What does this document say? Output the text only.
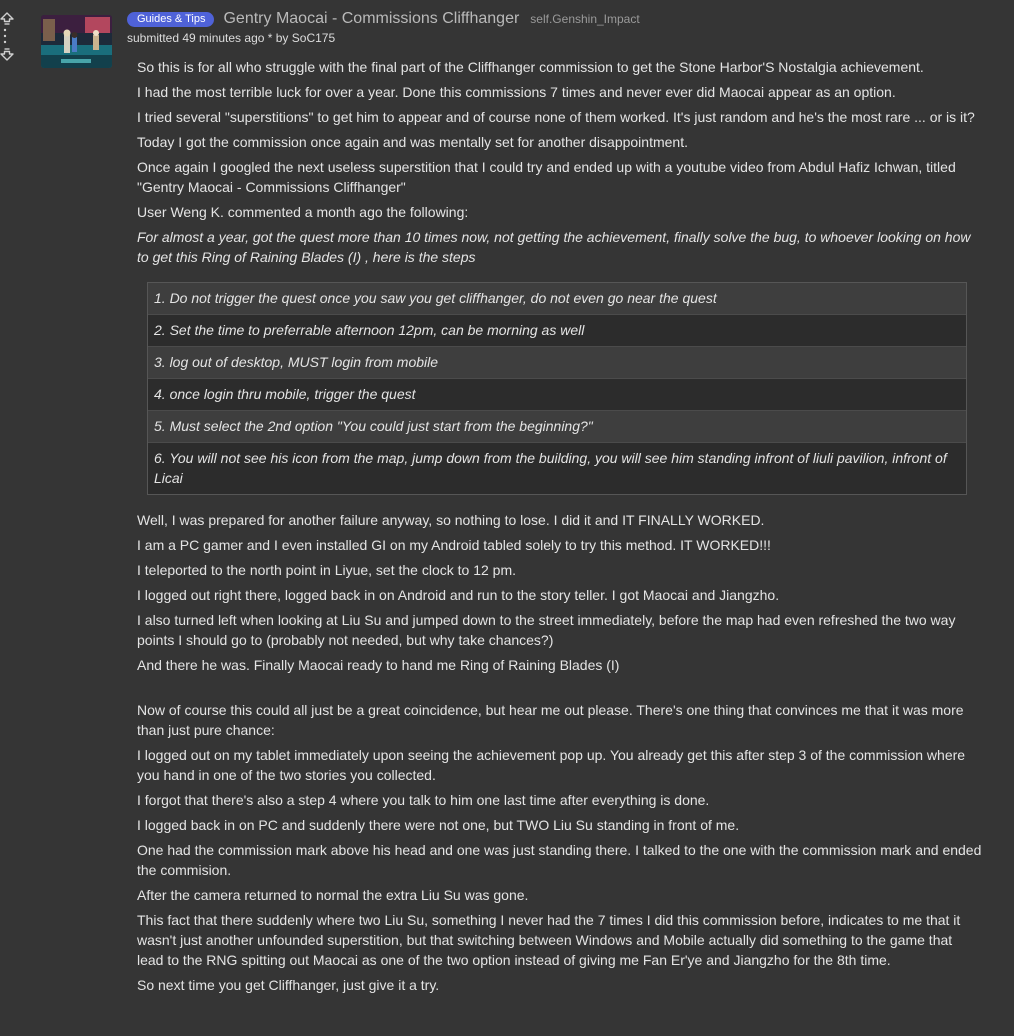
Guides & Tips	Gentry Maocai - Commissions Cliffhanger self.Genshin_Impact
submitted 49 minutes ago * by SoC175

So this is for all who struggle with the final part of the Cliffhanger commission to get the Stone Harbor'S Nostalgia achievement.

I had the most terrible luck for over a year. Done this commissions 7 times and never ever did Maocai appear as an option.

I tried several "superstitions" to get him to appear and of course none of them worked. It's just random and he's the most rare ... or is it?

Today I got the commission once again and was mentally set for another disappointment.

Once again I googled the next useless superstition that I could try and ended up with a youtube video from Abdul Hafiz Ichwan, titled "Gentry Maocai - Commissions Cliffhanger"

User Weng K. commented a month ago the following:

For almost a year, got the quest more than 10 times now, not getting the achievement, finally solve the bug, to whoever looking on how to get this Ring of Raining Blades (I) , here is the steps

1. Do not trigger the quest once you saw you get cliffhanger, do not even go near the quest
2. Set the time to preferrable afternoon 12pm, can be morning as well
3. log out of desktop, MUST login from mobile
4. once login thru mobile, trigger the quest
5. Must select the 2nd option "You could just start from the beginning?"
6. You will not see his icon from the map, jump down from the building, you will see him standing infront of liuli pavilion, infront of Licai

Well, I was prepared for another failure anyway, so nothing to lose. I did it and IT FINALLY WORKED.

I am a PC gamer and I even installed GI on my Android tabled solely to try this method. IT WORKED!!!

I teleported to the north point in Liyue, set the clock to 12 pm.

I logged out right there, logged back in on Android and run to the story teller. I got Maocai and Jiangzho.

I also turned left when looking at Liu Su and jumped down to the street immediately, before the map had even refreshed the two way points I should go to (probably not needed, but why take chances?)

And there he was. Finally Maocai ready to hand me Ring of Raining Blades (I)

Now of course this could all just be a great coincidence, but hear me out please. There's one thing that convinces me that it was more than just pure chance:

I logged out on my tablet immediately upon seeing the achievement pop up. You already get this after step 3 of the commission where you hand in one of the two stories you collected.

I forgot that there's also a step 4 where you talk to him one last time after everything is done.

I logged back in on PC and suddenly there were not one, but TWO Liu Su standing in front of me.

One had the commission mark above his head and one was just standing there. I talked to the one with the commission mark and ended the commision.

After the camera returned to normal the extra Liu Su was gone.

This fact that there suddenly where two Liu Su, something I never had the 7 times I did this commission before, indicates to me that it wasn't just another unfounded superstition, but that switching between Windows and Mobile actually did something to the game that lead to the RNG spitting out Maocai as one of the two option instead of giving me Fan Er'ye and Jiangzho for the 8th time.

So next time you get Cliffhanger, just give it a try.
